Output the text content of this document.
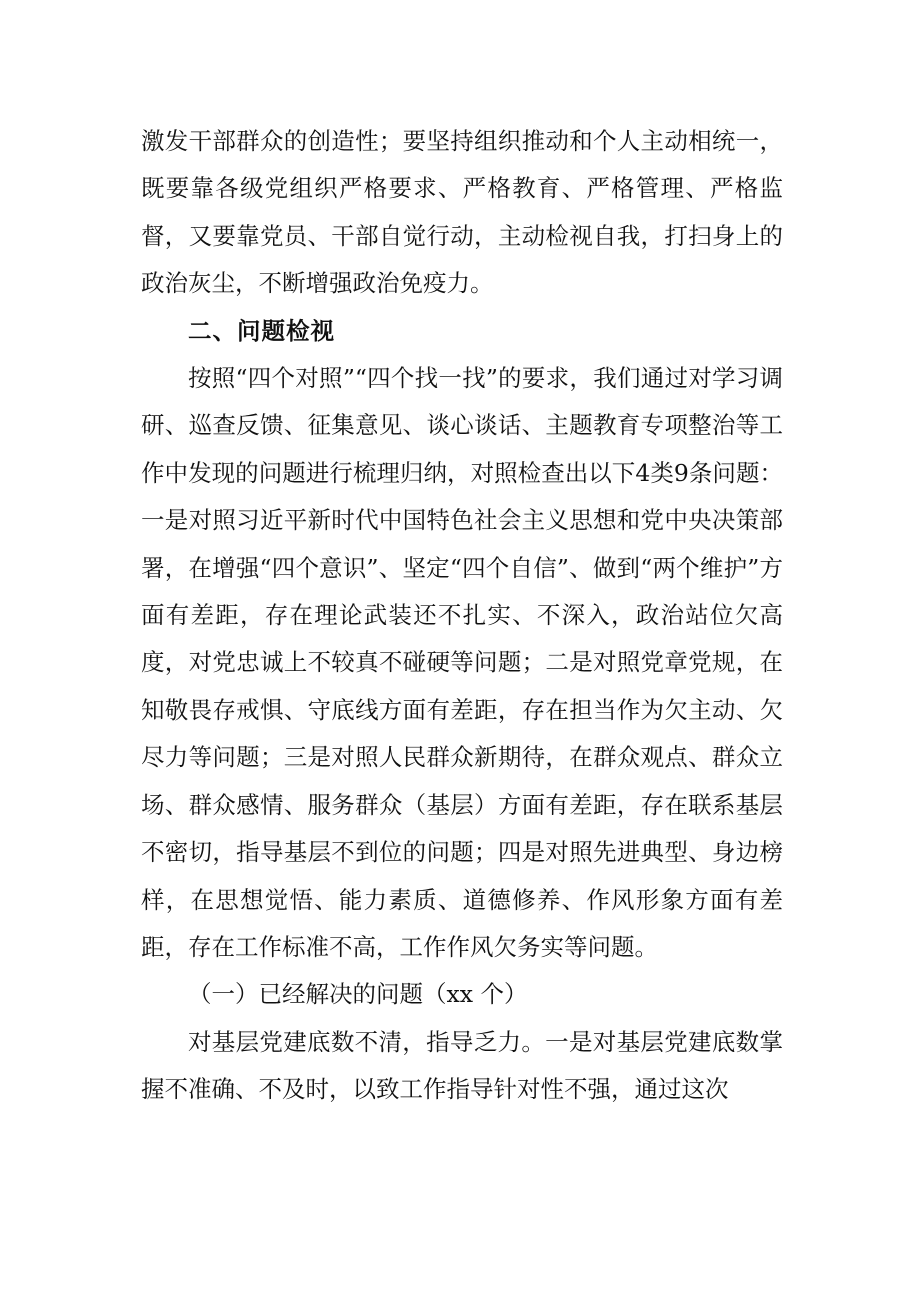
激发干部群众的创造性；要坚持组织推动和个人主动相统一，既要靠各级党组织严格要求、严格教育、严格管理、严格监督，又要靠党员、干部自觉行动，主动检视自我，打扫身上的政治灰尘，不断增强政治免疫力。

二、问题检视

按照“四个对照”“四个找一找”的要求，我们通过对学习调研、巡查反馈、征集意见、谈心谈话、主题教育专项整治等工作中发现的问题进行梳理归纳，对照检查出以下4类9条问题：一是对照习近平新时代中国特色社会主义思想和党中央决策部署，在增强“四个意识”、坚定“四个自信”、做到“两个维护”方面有差距，存在理论武装还不扎实、不深入，政治站位欠高度，对党忠诚上不较真不碰硬等问题；二是对照党章党规，在知敬畏存戒惧、守底线方面有差距，存在担当作为欠主动、欠尽力等问题；三是对照人民群众新期待，在群众观点、群众立场、群众感情、服务群众（基层）方面有差距，存在联系基层不密切，指导基层不到位的问题；四是对照先进典型、身边榜样，在思想觉悟、能力素质、道德修养、作风形象方面有差距，存在工作标准不高，工作作风欠务实等问题。

（一）已经解决的问题（xx 个）

对基层党建底数不清，指导乏力。一是对基层党建底数掌握不准确、不及时，以致工作指导针对性不强，通过这次
